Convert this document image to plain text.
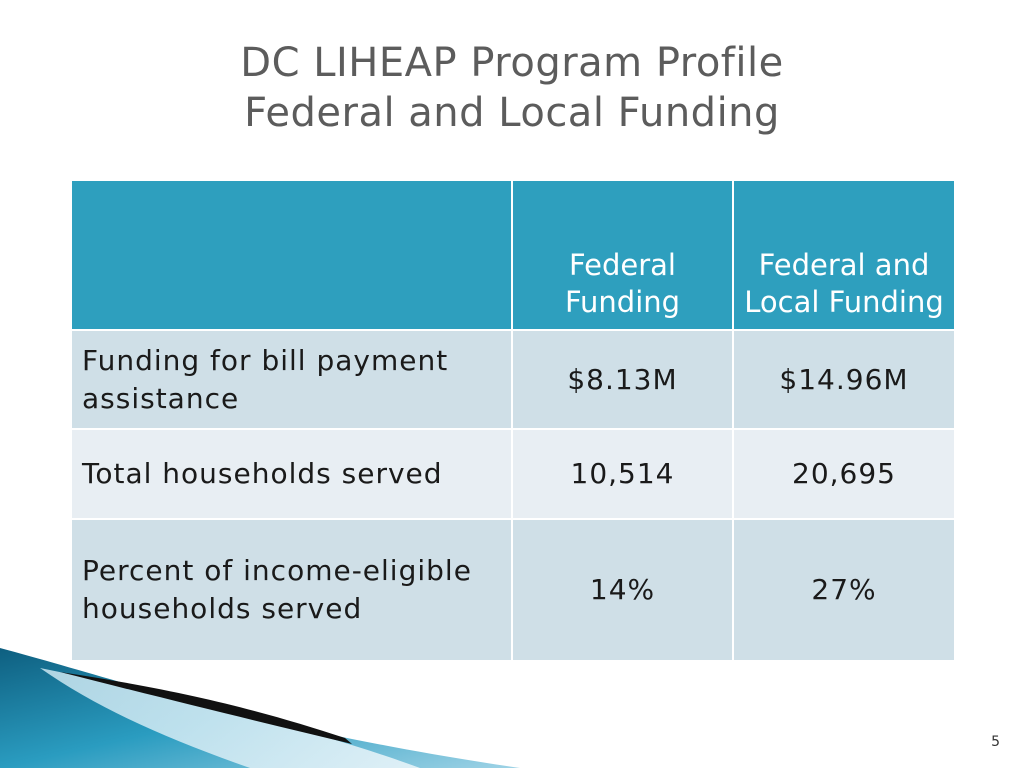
DC LIHEAP Program Profile
Federal and Local Funding
	Federal Funding	Federal and Local Funding
Funding for bill payment assistance	$8.13M	$14.96M
Total households served	10,514	20,695
Percent of income-eligible households served	14%	27%
5
